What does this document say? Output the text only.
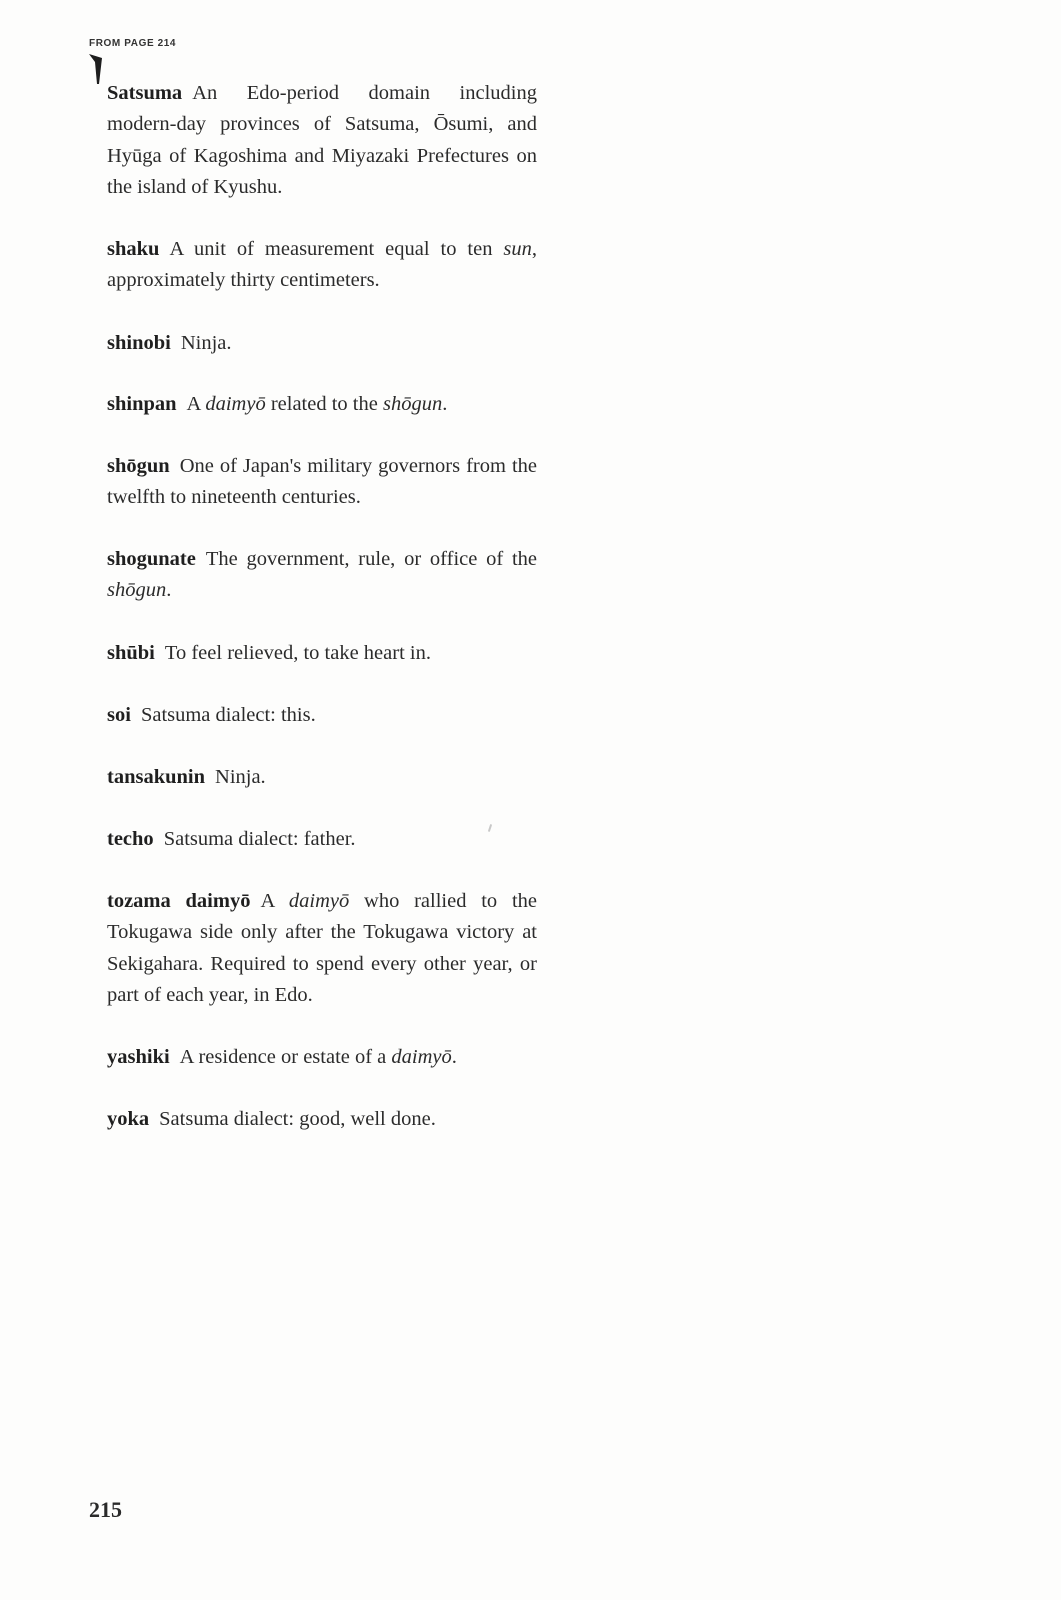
FROM PAGE 214
Satsuma An Edo-period domain including modern-day provinces of Satsuma, Ōsumi, and Hyūga of Kagoshima and Miyazaki Prefectures on the island of Kyushu.
shaku A unit of measurement equal to ten sun, approximately thirty centimeters.
shinobi Ninja.
shinpan A daimyō related to the shōgun.
shōgun One of Japan's military governors from the twelfth to nineteenth centuries.
shogunate The government, rule, or office of the shōgun.
shūbi To feel relieved, to take heart in.
soi Satsuma dialect: this.
tansakunin Ninja.
techo Satsuma dialect: father.
tozama daimyō A daimyō who rallied to the Tokugawa side only after the Tokugawa victory at Sekigahara. Required to spend every other year, or part of each year, in Edo.
yashiki A residence or estate of a daimyō.
yoka Satsuma dialect: good, well done.
215
